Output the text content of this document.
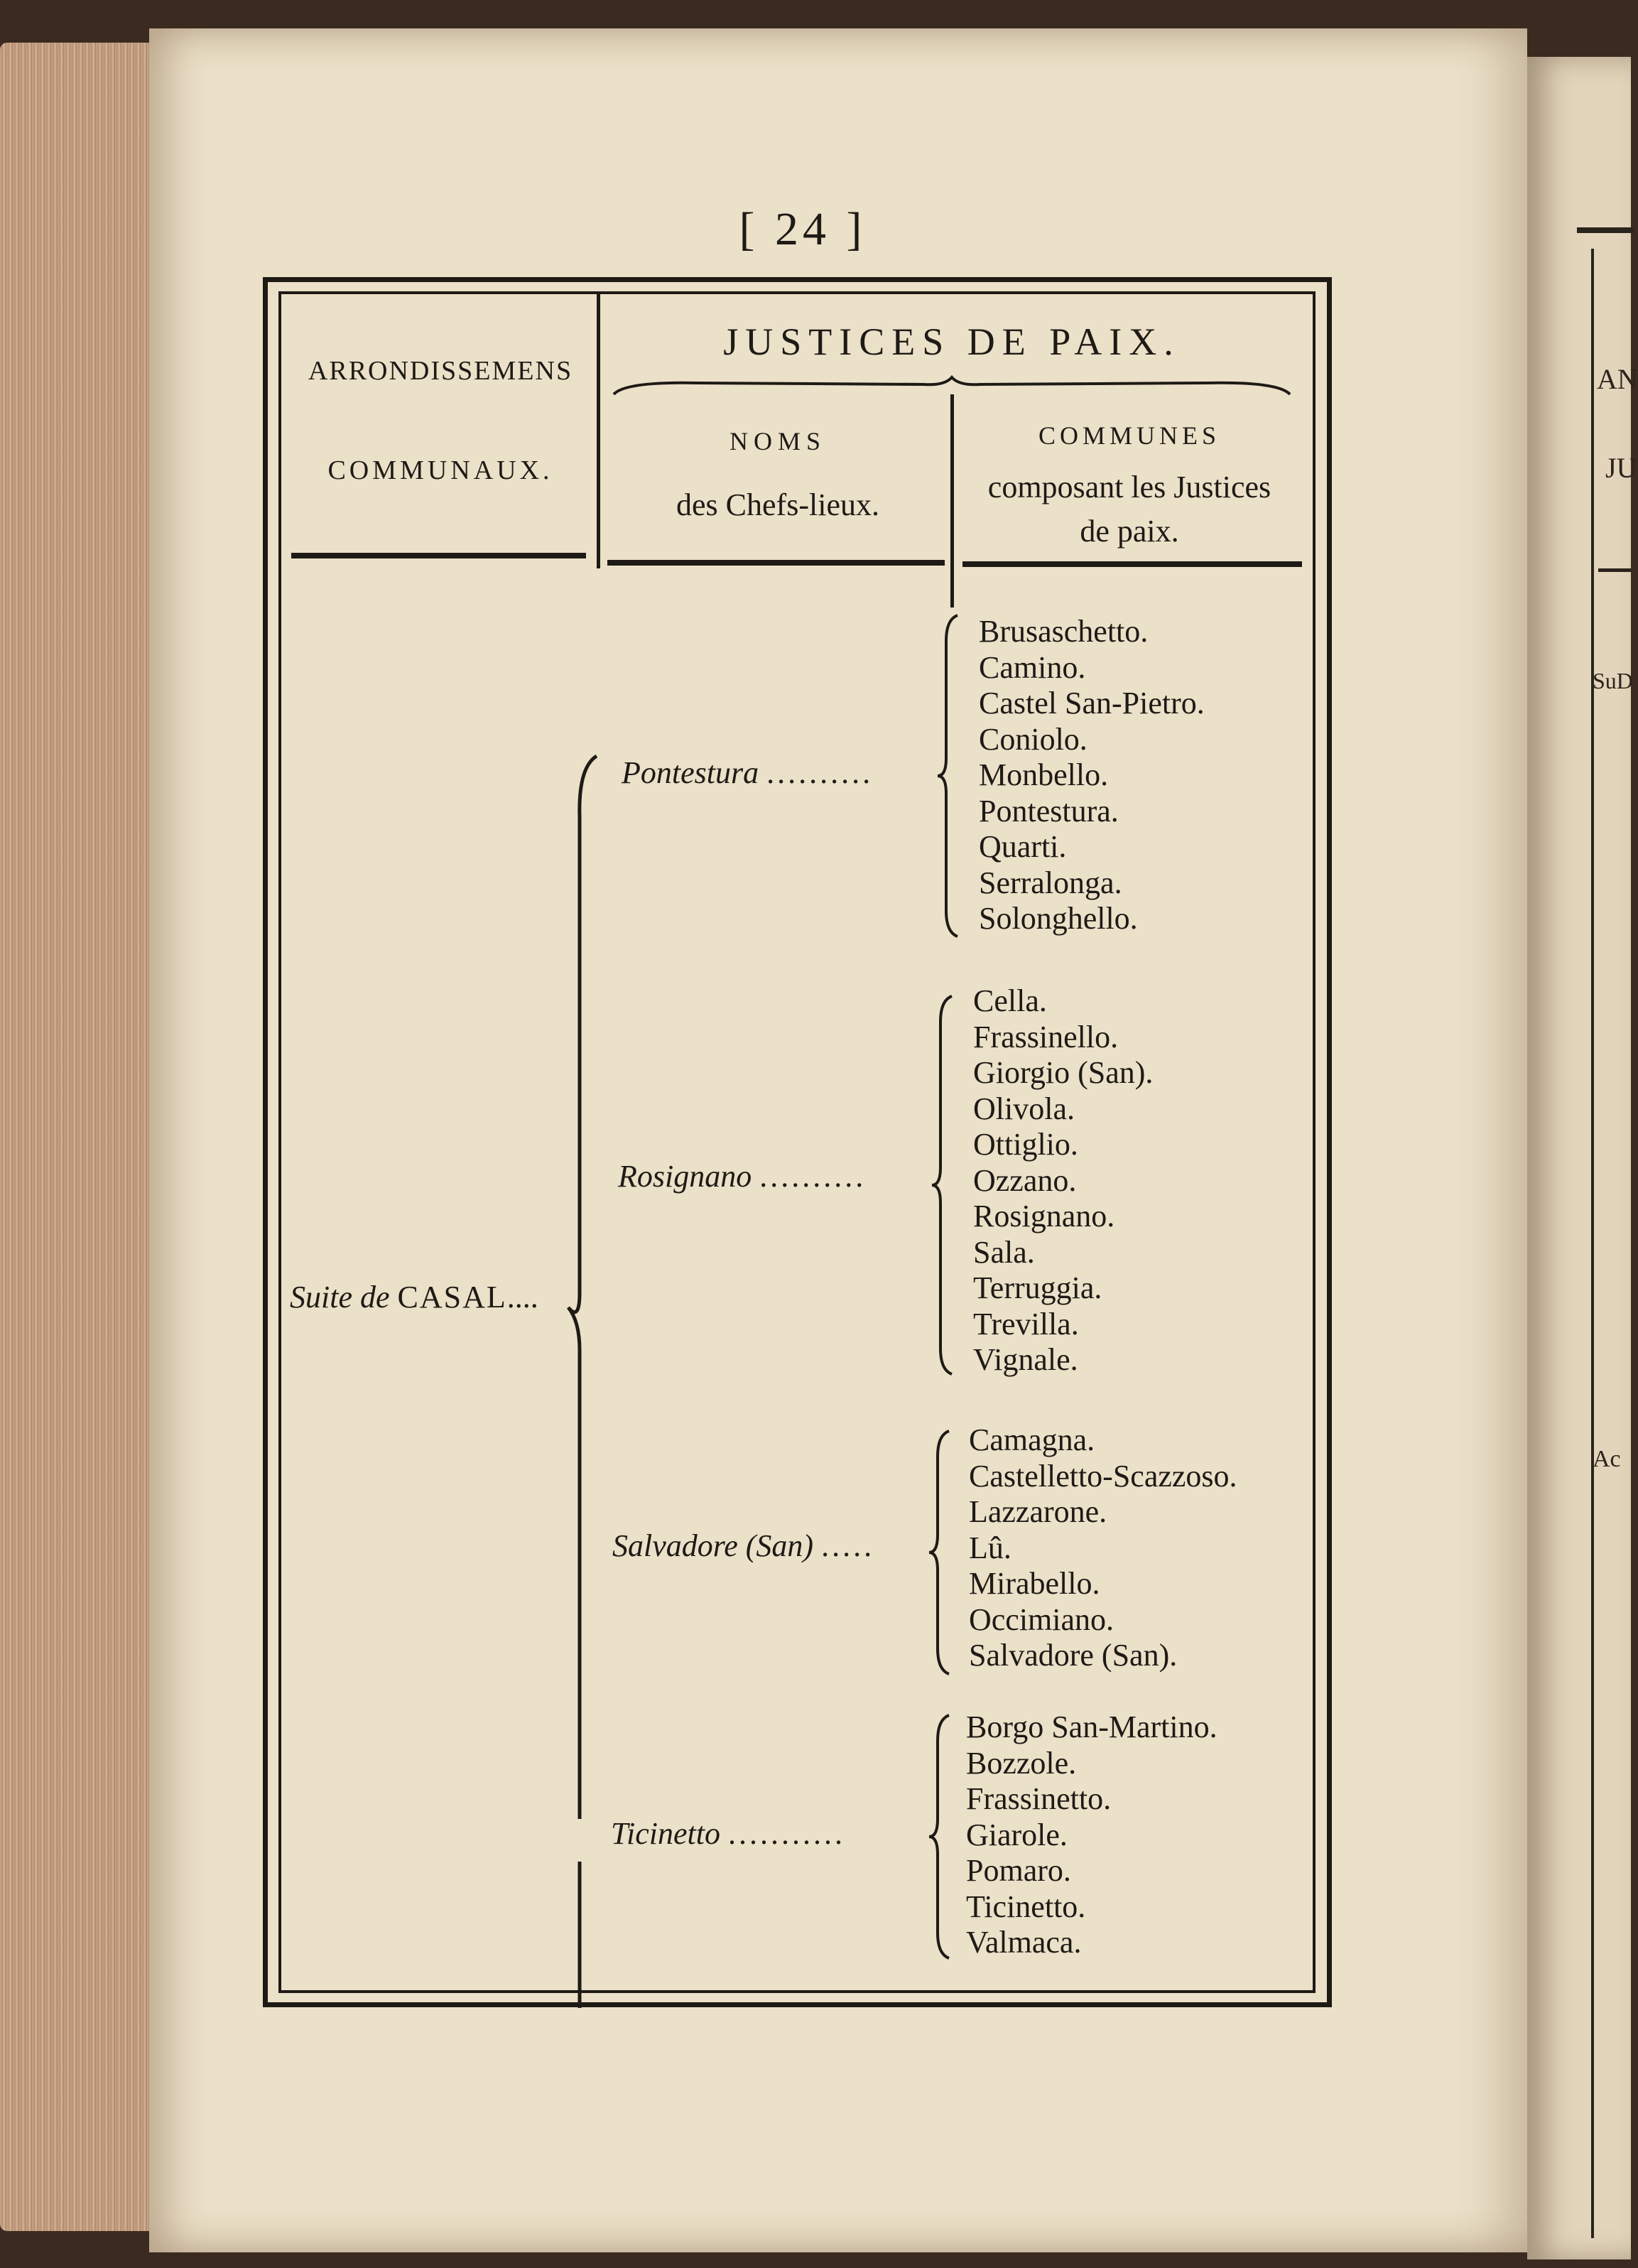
AN
JU
SuD
Ac
[ 24 ]
ARRONDISSEMENS
COMMUNAUX.
JUSTICES DE PAIX.
NOMS
des Chefs-lieux.
COMMUNES
composant les Justices
de paix.
Suite de CASAL....
Pontestura ..........
Rosignano ..........
Salvadore (San) .....
Ticinetto ...........
Brusaschetto.
Camino.
Castel San-Pietro.
Coniolo.
Monbello.
Pontestura.
Quarti.
Serralonga.
Solonghello.
Cella.
Frassinello.
Giorgio (San).
Olivola.
Ottiglio.
Ozzano.
Rosignano.
Sala.
Terruggia.
Trevilla.
Vignale.
Camagna.
Castelletto-Scazzoso.
Lazzarone.
Lû.
Mirabello.
Occimiano.
Salvadore (San).
Borgo San-Martino.
Bozzole.
Frassinetto.
Giarole.
Pomaro.
Ticinetto.
Valmaca.
